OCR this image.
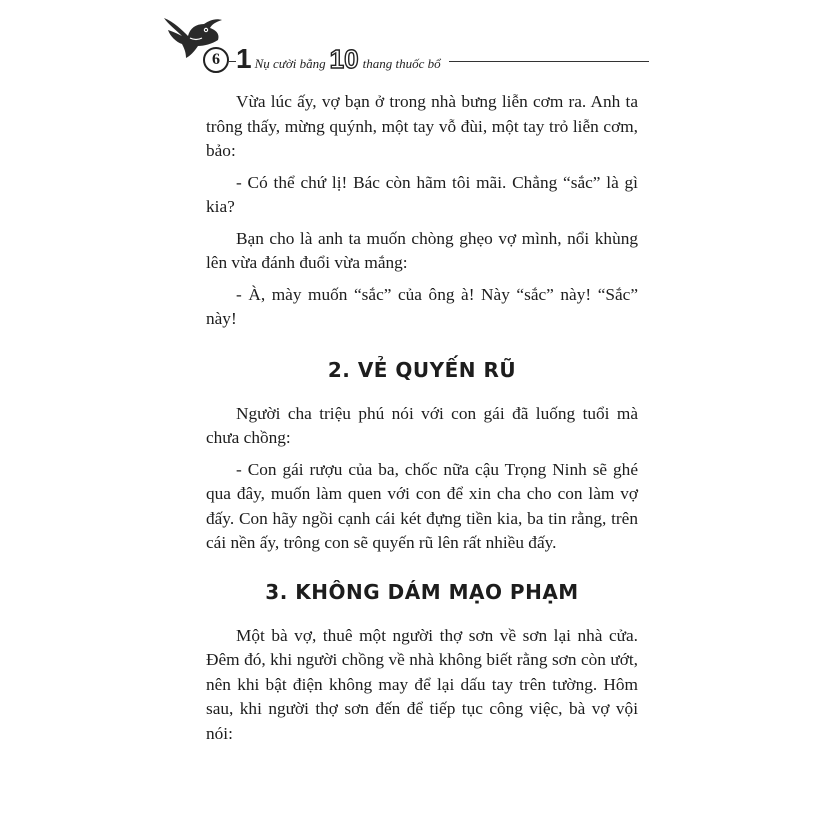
6 1 Nụ cười bằng 10 thang thuốc bổ

Vừa lúc ấy, vợ bạn ở trong nhà bưng liễn cơm ra. Anh ta trông thấy, mừng quýnh, một tay vỗ đùi, một tay trỏ liễn cơm, bảo:

- Có thể chứ lị! Bác còn hãm tôi mãi. Chẳng “sắc” là gì kia?

Bạn cho là anh ta muốn chòng ghẹo vợ mình, nổi khùng lên vừa đánh đuổi vừa mắng:

- À, mày muốn “sắc” của ông à! Này “sắc” này! “Sắc” này!

2. VẺ QUYẾN RŨ

Người cha triệu phú nói với con gái đã luống tuổi mà chưa chồng:

- Con gái rượu của ba, chốc nữa cậu Trọng Ninh sẽ ghé qua đây, muốn làm quen với con để xin cha cho con làm vợ đấy. Con hãy ngồi cạnh cái két đựng tiền kia, ba tin rằng, trên cái nền ấy, trông con sẽ quyến rũ lên rất nhiều đấy.

3. KHÔNG DÁM MẠO PHẠM

Một bà vợ, thuê một người thợ sơn về sơn lại nhà cửa. Đêm đó, khi người chồng về nhà không biết rằng sơn còn ướt, nên khi bật điện không may để lại dấu tay trên tường. Hôm sau, khi người thợ sơn đến để tiếp tục công việc, bà vợ vội nói:
